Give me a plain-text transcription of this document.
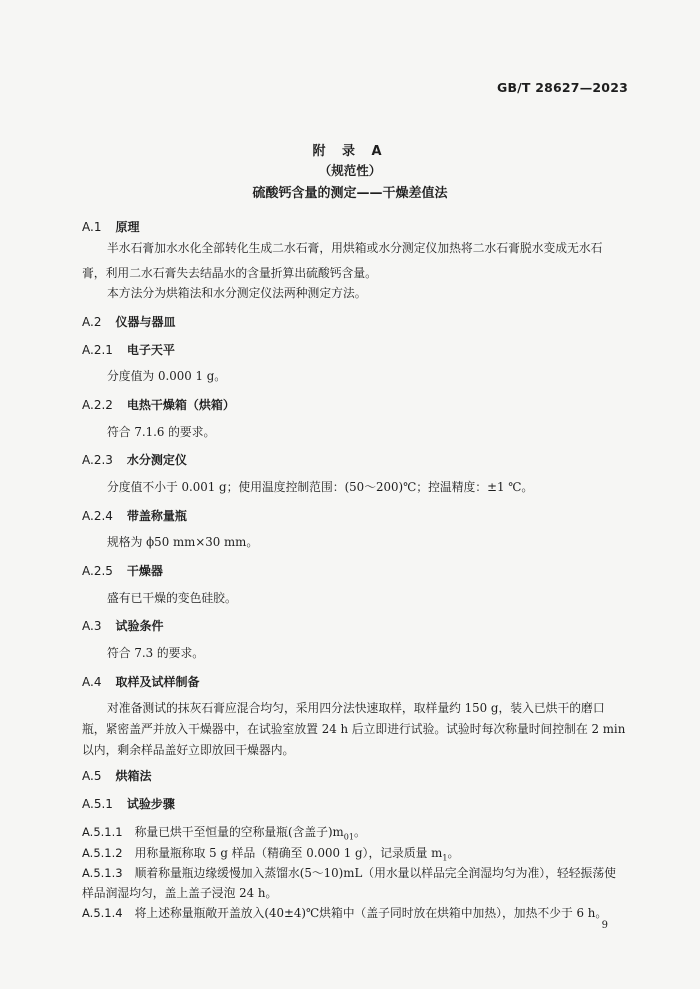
GB/T 28627—2023
附 录 A
（规范性）
硫酸钙含量的测定——干燥差值法
A.1 原理
半水石膏加水水化全部转化生成二水石膏，用烘箱或水分测定仪加热将二水石膏脱水变成无水石
膏，利用二水石膏失去结晶水的含量折算出硫酸钙含量。
本方法分为烘箱法和水分测定仪法两种测定方法。
A.2 仪器与器皿
A.2.1 电子天平
分度值为 0.000 1 g。
A.2.2 电热干燥箱（烘箱）
符合 7.1.6 的要求。
A.2.3 水分测定仪
分度值不小于 0.001 g；使用温度控制范围：(50～200)℃；控温精度：±1 ℃。
A.2.4 带盖称量瓶
规格为 ϕ50 mm×30 mm。
A.2.5 干燥器
盛有已干燥的变色硅胶。
A.3 试验条件
符合 7.3 的要求。
A.4 取样及试样制备
对准备测试的抹灰石膏应混合均匀，采用四分法快速取样，取样量约 150 g，装入已烘干的磨口
瓶，紧密盖严并放入干燥器中，在试验室放置 24 h 后立即进行试验。试验时每次称量时间控制在 2 min
以内，剩余样品盖好立即放回干燥器内。
A.5 烘箱法
A.5.1 试验步骤
A.5.1.1 称量已烘干至恒量的空称量瓶(含盖子)$m_{01}$。
A.5.1.2 用称量瓶称取 5 g 样品（精确至 0.000 1 g），记录质量 $m_1$。
A.5.1.3 顺着称量瓶边缘缓慢加入蒸馏水(5～10)mL（用水量以样品完全润湿均匀为准），轻轻振荡使
样品润湿均匀，盖上盖子浸泡 24 h。
A.5.1.4 将上述称量瓶敞开盖放入(40±4)℃烘箱中（盖子同时放在烘箱中加热），加热不少于 6 h。
9
